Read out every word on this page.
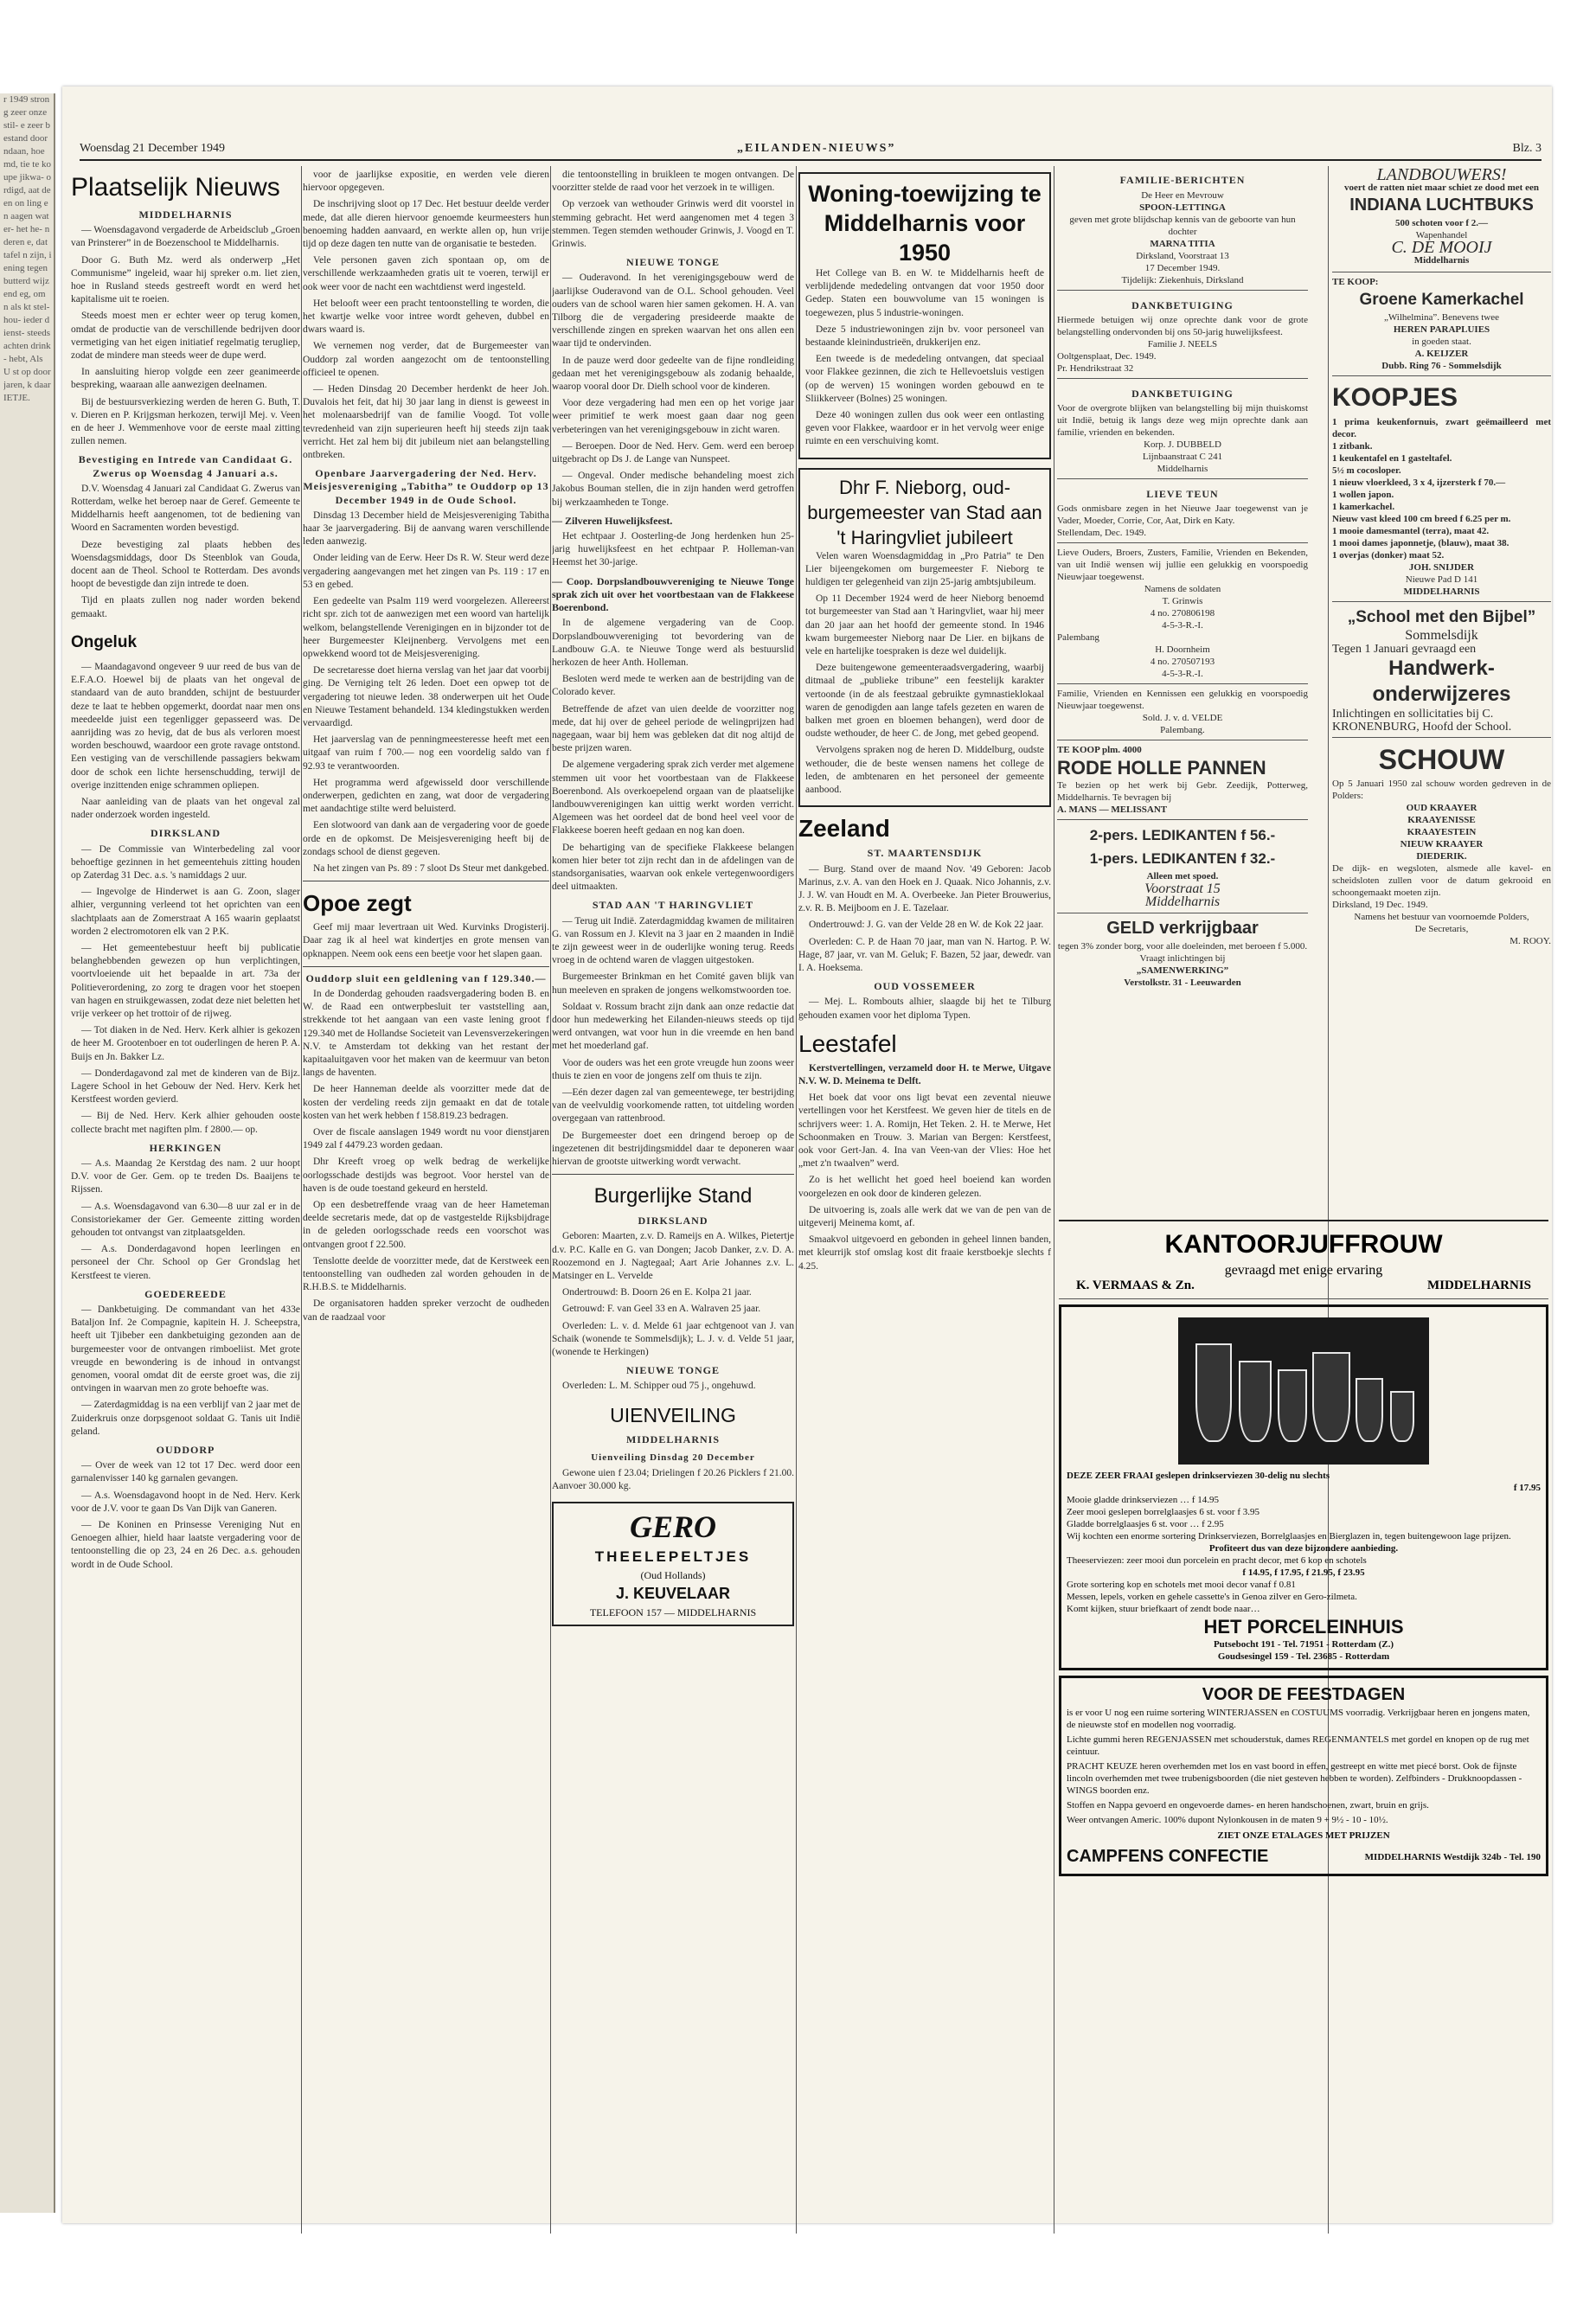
r 1949 strong zeer onze stil- e zeer bestand door ndaan, hoemd, tie te koupe jikwa- ordigd, aat de en on ling en aagen water- het he- nderen e, dat tafel n zijn, iening tegen butterd wijzend eg, om n als kt stel- hou- ieder dienst- steeds achten drink- hebt, Als U st op door jaren, k daar IETJE.
Woensdag 21 December 1949	„EILANDEN-NIEUWS”	Blz. 3
Plaatselijk Nieuws
MIDDELHARNIS

— Woensdagavond vergaderde de Arbeidsclub „Groen van Prinsterer” in de Boezenschool te Middelharnis.

Door G. Buth Mz. werd als onderwerp „Het Communisme” ingeleid, waar hij spreker o.m. liet zien, hoe in Rusland steeds gestreeft wordt en werd het kapitalisme uit te roeien.

Steeds moest men er echter weer op terug komen, omdat de productie van de verschillende bedrijven door vermetiging van het eigen initiatief regelmatig terugliep, zodat de mindere man steeds weer de dupe werd.

In aansluiting hierop volgde een zeer geanimeerde bespreking, waaraan alle aanwezigen deelnamen.

Bij de bestuursverkiezing werden de heren G. Buth, T. v. Dieren en P. Krijgsman herkozen, terwijl Mej. v. Veen en de heer J. Wemmenhove voor de eerste maal zitting zullen nemen.

Bevestiging en Intrede van Candidaat G. Zwerus op Woensdag 4 Januari a.s.

D.V. Woensdag 4 Januari zal Candidaat G. Zwerus van Rotterdam, welke het beroep naar de Geref. Gemeente te Middelharnis heeft aangenomen, tot de bediening van Woord en Sacramenten worden bevestigd.

Deze bevestiging zal plaats hebben des Woensdagsmiddags, door Ds Steenblok van Gouda, docent aan de Theol. School te Rotterdam. Des avonds hoopt de bevestigde dan zijn intrede te doen.

Tijd en plaats zullen nog nader worden bekend gemaakt.

Ongeluk

— Maandagavond ongeveer 9 uur reed de bus van de E.F.A.O. Hoewel bij de plaats van het ongeval de standaard van de auto brandden, schijnt de bestuurder deze te laat te hebben opgemerkt, doordat naar men ons meedeelde juist een tegenligger gepasseerd was. De aanrijding was zo hevig, dat de bus als verloren moest worden beschouwd, waardoor een grote ravage ontstond. Een vestiging van de verschillende passagiers bekwam door de schok een lichte hersenschudding, terwijl de overige inzittenden enige schrammen opliepen.

Naar aanleiding van de plaats van het ongeval zal nader onderzoek worden ingesteld.

DIRKSLAND

— De Commissie van Winterbedeling zal voor behoeftige gezinnen in het gemeentehuis zitting houden op Zaterdag 31 Dec. a.s. 's namiddags 2 uur.

— Ingevolge de Hinderwet is aan G. Zoon, slager alhier, vergunning verleend tot het oprichten van een slachtplaats aan de Zomerstraat A 165 waarin geplaatst worden 2 electromotoren elk van 2 P.K.

— Het gemeentebestuur heeft bij publicatie belanghebbenden gewezen op hun verplichtingen, voortvloeiende uit het bepaalde in art. 73a der Politieverordening, zo zorg te dragen voor het stoepen van hagen en struikgewassen, zodat deze niet beletten het vrije verkeer op het trottoir of de rijweg.

— Tot diaken in de Ned. Herv. Kerk alhier is gekozen de heer M. Grootenboer en tot ouderlingen de heren P. A. Buijs en Jn. Bakker Lz.

— Donderdagavond zal met de kinderen van de Bijz. Lagere School in het Gebouw der Ned. Herv. Kerk het Kerstfeest worden gevierd.

— Bij de Ned. Herv. Kerk alhier gehouden ooste collecte bracht met nagiften plm. f 2800.— op.

HERKINGEN

— A.s. Maandag 2e Kerstdag des nam. 2 uur hoopt D.V. voor de Ger. Gem. op te treden Ds. Baaijens te Rijssen.

— A.s. Woensdagavond van 6.30—8 uur zal er in de Consistoriekamer der Ger. Gemeente zitting worden gehouden tot ontvangst van zitplaatsgelden.

— A.s. Donderdagavond hopen leerlingen en personeel der Chr. School op Ger Grondslag het Kerstfeest te vieren.

GOEDEREEDE

— Dankbetuiging. De commandant van het 433e Bataljon Inf. 2e Compagnie, kapitein H. J. Scheepstra, heeft uit Tjibeber een dankbetuiging gezonden aan de burgemeester voor de ontvangen rimboeliist. Met grote vreugde en bewondering is de inhoud in ontvangst genomen, vooral omdat dit de eerste groet was, die zij ontvingen in waarvan men zo grote behoefte was.

— Zaterdagmiddag is na een verblijf van 2 jaar met de Zuiderkruis onze dorpsgenoot soldaat G. Tanis uit Indië geland.

OUDDORP

— Over de week van 12 tot 17 Dec. werd door een garnalenvisser 140 kg garnalen gevangen.

— A.s. Woensdagavond hoopt in de Ned. Herv. Kerk voor de J.V. voor te gaan Ds Van Dijk van Ganeren.

— De Koninen en Prinsesse Vereniging Nut en Genoegen alhier, hield haar laatste vergadering voor de tentoonstelling die op 23, 24 en 26 Dec. a.s. gehouden wordt in de Oude School.

voor de jaarlijkse expositie, en werden vele dieren hiervoor opgegeven.

De inschrijving sloot op 17 Dec. Het bestuur deelde verder mede, dat alle dieren hiervoor genoemde keurmeesters hun benoeming hadden aanvaard, en werkte allen op, hun vrije tijd op deze dagen ten nutte van de organisatie te besteden.

Vele personen gaven zich spontaan op, om de verschillende werkzaamheden gratis uit te voeren, terwijl er ook weer voor de nacht een wachtdienst werd ingesteld.

Het belooft weer een pracht tentoonstelling te worden, die het kwartje welke voor intree wordt geheven, dubbel en dwars waard is.

We vernemen nog verder, dat de Burgemeester van Ouddorp zal worden aangezocht om de tentoonstelling officieel te openen.

— Heden Dinsdag 20 December herdenkt de heer Joh. Duvalois het feit, dat hij 30 jaar lang in dienst is geweest in het molenaarsbedrijf van de familie Voogd. Tot volle tevredenheid van zijn superieuren heeft hij steeds zijn taak verricht. Het zal hem bij dit jubileum niet aan belangstelling ontbreken.

Openbare Jaarvergadering der Ned. Herv. Meisjesvereniging „Tabitha” te Ouddorp op 13 December 1949 in de Oude School.

Dinsdag 13 December hield de Meisjesvereniging Tabitha haar 3e jaarvergadering. Bij de aanvang waren verschillende leden aanwezig.

Onder leiding van de Eerw. Heer Ds R. W. Steur werd deze vergadering aangevangen met het zingen van Ps. 119 : 17 en 53 en gebed.

Een gedeelte van Psalm 119 werd voorgelezen. Allereerst richt spr. zich tot de aanwezigen met een woord van hartelijk welkom, belangstellende Verenigingen en in bijzonder tot de heer Burgemeester Kleijnenberg. Vervolgens met een opwekkend woord tot de Meisjesvereniging.

De secretaresse doet hierna verslag van het jaar dat voorbij ging. De Verniging telt 26 leden. Doet een opwep tot de vergadering tot nieuwe leden. 38 onderwerpen uit het Oude en Nieuwe Testament behandeld. 134 kledingstukken werden vervaardigd.

Het jaarverslag van de penningmeesteresse heeft met een uitgaaf van ruim f 700.— nog een voordelig saldo van f 92.93 te verantwoorden.

Het programma werd afgewisseld door verschillende onderwerpen, gedichten en zang, wat door de vergadering met aandachtige stilte werd beluisterd.

Een slotwoord van dank aan de vergadering voor de goede orde en de opkomst. De Meisjesvereniging heeft bij de zondags school de dienst gegeven.

Na het zingen van Ps. 89 : 7 sloot Ds Steur met dankgebed.

Opoe zegt

Geef mij maar levertraan uit Wed. Kurvinks Drogisterij. Daar zag ik al heel wat kindertjes en grote mensen van opknappen. Neem ook eens een beetje voor het slapen gaan.

Ouddorp sluit een geldlening van f 129.340.—

In de Donderdag gehouden raadsvergadering boden B. en W. de Raad een ontwerpbesluit ter vaststelling aan, strekkende tot het aangaan van een vaste lening groot f 129.340 met de Hollandse Societeit van Levensverzekeringen N.V. te Amsterdam tot dekking van het restant der kapitaaluitgaven voor het maken van de keermuur van beton langs de haventen.

De heer Hanneman deelde als voorzitter mede dat de kosten der verdeling reeds zijn gemaakt en dat de totale kosten van het werk hebben f 158.819.23 bedragen.

Over de fiscale aanslagen 1949 wordt nu voor dienstjaren 1949 zal f 4479.23 worden gedaan.

Dhr Kreeft vroeg op welk bedrag de werkelijke oorlogsschade destijds was begroot. Voor herstel van de haven is de oude toestand gekeurd en hersteld.

Op een desbetreffende vraag van de heer Hameteman deelde secretaris mede, dat op de vastgestelde Rijksbijdrage in de geleden oorlogsschade reeds een voorschot was ontvangen groot f 22.500.

Tenslotte deelde de voorzitter mede, dat de Kerstweek een tentoonstelling van oudheden zal worden gehouden in de R.H.B.S. te Middelharnis.

De organisatoren hadden spreker verzocht de oudheden van de raadzaal voor

die tentoonstelling in bruikleen te mogen ontvangen. De voorzitter stelde de raad voor het verzoek in te willigen.

Op verzoek van wethouder Grinwis werd dit voorstel in stemming gebracht. Het werd aangenomen met 4 tegen 3 stemmen. Tegen stemden wethouder Grinwis, J. Voogd en T. Grinwis.

NIEUWE TONGE

— Ouderavond. In het verenigingsgebouw werd de jaarlijkse Ouderavond van de O.L. School gehouden. Veel ouders van de school waren hier samen gekomen. H. A. van Tilborg die de vergadering presideerde maakte de verschillende zingen en spreken waarvan het ons allen een waar tijd te ondervinden.

In de pauze werd door gedeelte van de fijne rondleiding gedaan met het verenigingsgebouw als zodanig behaalde, waarop vooral door Dr. Dielh school voor de kinderen.

Voor deze vergadering had men een op het vorige jaar weer primitief te werk moest gaan daar nog geen verbeteringen van het verenigingsgebouw in zicht waren.

— Beroepen. Door de Ned. Herv. Gem. werd een beroep uitgebracht op Ds J. de Lange van Nunspeet.

— Ongeval. Onder medische behandeling moest zich Jakobus Bouman stellen, die in zijn handen werd getroffen bij werkzaamheden te Tonge.

— Zilveren Huwelijksfeest.

Het echtpaar J. Oosterling-de Jong herdenken hun 25-jarig huwelijksfeest en het echtpaar P. Holleman-van Heemst het 30-jarige.

— Coop. Dorpslandbouwvereniging te Nieuwe Tonge sprak zich uit over het voortbestaan van de Flakkeese Boerenbond.

In de algemene vergadering van de Coop. Dorpslandbouwvereniging tot bevordering van de Landbouw G.A. te Nieuwe Tonge werd als bestuurslid herkozen de heer Anth. Holleman.

Besloten werd mede te werken aan de bestrijding van de Colorado kever.

Betreffende de afzet van uien deelde de voorzitter nog mede, dat hij over de geheel periode de welingprijzen had nagegaan, waar bij hem was gebleken dat dit nog altijd de beste prijzen waren.

De algemene vergadering sprak zich verder met algemene stemmen uit voor het voortbestaan van de Flakkeese Boerenbond. Als overkoepelend orgaan van de plaatselijke landbouwverenigingen kan uittig werkt worden verricht. Algemeen was het oordeel dat de bond heel veel voor de Flakkeese boeren heeft gedaan en nog kan doen.

De behartiging van de specifieke Flakkeese belangen komen hier beter tot zijn recht dan in de afdelingen van de standsorganisaties, waarvan ook enkele vertegenwoordigers deel uitmaakten.

STAD AAN 'T HARINGVLIET

— Terug uit Indië. Zaterdagmiddag kwamen de militairen G. van Rossum en J. Klevit na 3 jaar en 2 maanden in Indië te zijn geweest weer in de ouderlijke woning terug. Reeds vroeg in de ochtend waren de vlaggen uitgestoken.

Burgemeester Brinkman en het Comité gaven blijk van hun meeleven en spraken de jongens welkomstwoorden toe.

Soldaat v. Rossum bracht zijn dank aan onze redactie dat door hun medewerking het Eilanden-nieuws steeds op tijd werd ontvangen, wat voor hun in die vreemde en hen band met het moederland gaf.

Voor de ouders was het een grote vreugde hun zoons weer thuis te zien en voor de jongens zelf om thuis te zijn.

—Eén dezer dagen zal van gemeentewege, ter bestrijding van de veelvuldig voorkomende ratten, tot uitdeling worden overgegaan van rattenbrood.

De Burgemeester doet een dringend beroep op de ingezetenen dit bestrijdingsmiddel daar te deponeren waar hiervan de grootste uitwerking wordt verwacht.

Burgerlijke Stand
DIRKSLAND

Geboren: Maarten, z.v. D. Rameijs en A. Wilkes, Pietertje d.v. P.C. Kalle en G. van Dongen; Jacob Danker, z.v. D. A. Roozemond en J. Nagtegaal; Aart Arie Johannes z.v. L. Matsinger en L. Vervelde

Ondertrouwd: B. Doorn 26 en E. Kolpa 21 jaar.

Getrouwd: F. van Geel 33 en A. Walraven 25 jaar.

Overleden: L. v. d. Melde 61 jaar echtgenoot van J. van Schaik (wonende te Sommelsdijk); L. J. v. d. Velde 51 jaar, (wonende te Herkingen)

NIEUWE TONGE

Overleden: L. M. Schipper oud 75 j., ongehuwd.

UIENVEILING
MIDDELHARNIS
Uienveiling Dinsdag 20 December

Gewone uien f 23.04; Drielingen f 20.26 Picklers f 21.00. Aanvoer 30.000 kg.

GERO
THEELEPELTJES
(Oud Hollands)
J. KEUVELAAR
TELEFOON 157 — MIDDELHARNIS
Woning-toewijzing te Middelharnis voor 1950

Het College van B. en W. te Middelharnis heeft de verblijdende mededeling ontvangen dat voor 1950 door Gedep. Staten een bouwvolume van 15 woningen is toegewezen, plus 5 industrie-woningen.

Deze 5 industriewoningen zijn bv. voor personeel van bestaande kleinindustrieën, drukkerijen enz.

Een tweede is de mededeling ontvangen, dat speciaal voor Flakkee gezinnen, die zich te Hellevoetsluis vestigen (op de werven) 15 woningen worden gebouwd en te Sliikkerveer (Bolnes) 25 woningen.

Deze 40 woningen zullen dus ook weer een ontlasting geven voor Flakkee, waardoor er in het vervolg weer enige ruimte en een verschuiving komt.

Dhr F. Nieborg, oud-burgemeester van Stad aan 't Haringvliet jubileert

Velen waren Woensdagmiddag in „Pro Patria” te Den Lier bijeengekomen om burgemeester F. Nieborg te huldigen ter gelegenheid van zijn 25-jarig ambtsjubileum.

Op 11 December 1924 werd de heer Nieborg benoemd tot burgemeester van Stad aan 't Haringvliet, waar hij meer dan 20 jaar aan het hoofd der gemeente stond. In 1946 kwam burgemeester Nieborg naar De Lier. en bijkans de vele en hartelijke toespraken is deze wel duidelijk.

Deze buitengewone gemeenteraadsvergadering, waarbij ditmaal de „publieke tribune” een feestelijk karakter vertoonde (in de als feestzaal gebruikte gymnastieklokaal waren de genodigden aan lange tafels gezeten en waren de balken met groen en bloemen behangen), werd door de oudste wethouder, de heer C. de Jong, met gebed geopend.

Vervolgens spraken nog de heren D. Middelburg, oudste wethouder, die de beste wensen namens het college de leden, de ambtenaren en het personeel der gemeente aanbood.

Zeeland
ST. MAARTENSDIJK

— Burg. Stand over de maand Nov. '49 Geboren: Jacob Marinus, z.v. A. van den Hoek en J. Quaak. Nico Johannis, z.v. J. J. W. van Houdt en M. A. Overbeeke. Jan Pieter Brouwerius, z.v. R. B. Meijboom en J. E. Tazelaar.

Ondertrouwd: J. G. van der Velde 28 en W. de Kok 22 jaar.

Overleden: C. P. de Haan 70 jaar, man van N. Hartog. P. W. Hage, 87 jaar, vr. van M. Geluk; F. Bazen, 52 jaar, dewedr. van I. A. Hoeksema.

OUD VOSSEMEER

— Mej. L. Rombouts alhier, slaagde bij het te Tilburg gehouden examen voor het diploma Typen.

Leestafel

Kerstvertellingen, verzameld door H. te Merwe, Uitgave N.V. W. D. Meinema te Delft.

Het boek dat voor ons ligt bevat een zevental nieuwe vertellingen voor het Kerstfeest. We geven hier de titels en de schrijvers weer: 1. A. Romijn, Het Teken. 2. H. te Merwe, Het Schoonmaken en Trouw. 3. Marian van Bergen: Kerstfeest, ook voor Gert-Jan. 4. Ina van Veen-van der Vlies: Hoe het „met z'n twaalven” werd.

Zo is het wellicht het goed heel boeiend kan worden voorgelezen en ook door de kinderen gelezen.

De uitvoering is, zoals alle werk dat we van de pen van de uitgeverij Meinema komt, af.

Smaakvol uitgevoerd en gebonden in geheel linnen banden, met kleurrijk stof omslag kost dit fraaie kerstboekje slechts f 4.25.

FAMILIE-BERICHTEN
De Heer en Mevrouw
SPOON-LETTINGA
geven met grote blijdschap kennis van de geboorte van hun dochter
MARNA TITIA
Dirksland, Voorstraat 13
17 December 1949.
Tijdelijk: Ziekenhuis, Dirksland
DANKBETUIGING
Hiermede betuigen wij onze oprechte dank voor de grote belangstelling ondervonden bij ons 50-jarig huwelijksfeest.
Familie J. NEELS
Ooltgensplaat, Dec. 1949.
Pr. Hendrikstraat 32
DANKBETUIGING
Voor de overgrote blijken van belangstelling bij mijn thuiskomst uit Indië, betuig ik langs deze weg mijn oprechte dank aan familie, vrienden en bekenden.
Korp. J. DUBBELD
Lijnbaanstraat C 241
Middelharnis
LIEVE TEUN
Gods onmisbare zegen in het Nieuwe Jaar toegewenst van je Vader, Moeder, Corrie, Cor, Aat, Dirk en Katy.
Stellendam, Dec. 1949.
Lieve Ouders, Broers, Zusters, Familie, Vrienden en Bekenden, van uit Indië wensen wij jullie een gelukkig en voorspoedig Nieuwjaar toegewenst.
Namens de soldaten
T. Grinwis
4 no. 270806198
4-5-3-R.-I.
Palembang
H. Doornheim
4 no. 270507193
4-5-3-R.-I.
Familie, Vrienden en Kennissen een gelukkig en voorspoedig Nieuwjaar toegewenst.
Sold. J. v. d. VELDE
Palembang.
TE KOOP plm. 4000
RODE HOLLE PANNEN
Te bezien op het werk bij Gebr. Zeedijk, Potterweg, Middelharnis. Te bevragen bij
A. MANS — MELISSANT
2-pers. LEDIKANTEN f 56.-
1-pers. LEDIKANTEN f 32.-
Alleen met spoed.
Voorstraat 15
Middelharnis
GELD verkrijgbaar
tegen 3% zonder borg, voor alle doeleinden, met beroeen f 5.000. Vraagt inlichtingen bij
„SAMENWERKING”
Verstolkstr. 31 - Leeuwarden
LANDBOUWERS!
voert de ratten niet maar schiet ze dood met een
INDIANA LUCHTBUKS
500 schoten voor f 2.—
Wapenhandel
C. DE MOOIJ
Middelharnis
TE KOOP:
Groene Kamerkachel
„Wilhelmina”. Benevens twee
HEREN PARAPLUIES
in goeden staat.
A. KEIJZER
Dubb. Ring 76 - Sommelsdijk
KOOPJES
1 prima keukenfornuis, zwart geëmailleerd met decor.
1 zitbank.
1 keukentafel en 1 gasteltafel.
5½ m cocosloper.
1 nieuw vloerkleed, 3 x 4, ijzersterk f 70.—
1 wollen japon.
1 kamerkachel.
Nieuw vast kleed 100 cm breed f 6.25 per m.
1 mooie damesmantel (terra), maat 42.
1 mooi dames japonnetje, (blauw), maat 38.
1 overjas (donker) maat 52.
JOH. SNIJDER
Nieuwe Pad D 141
MIDDELHARNIS
„School met den Bijbel”
Sommelsdijk
Tegen 1 Januari gevraagd een
Handwerk-onderwijzeres
Inlichtingen en sollicitaties bij C. KRONENBURG, Hoofd der School.
SCHOUW
Op 5 Januari 1950 zal schouw worden gedreven in de Polders:
OUD KRAAYER
KRAAYENISSE
KRAAYESTEIN
NIEUW KRAAYER
DIEDERIK.
De dijk- en wegsloten, alsmede alle kavel- en scheidsloten zullen voor de datum gekrooid en schoongemaakt moeten zijn.
Dirksland, 19 Dec. 1949.
Namens het bestuur van voornoemde Polders,
De Secretaris,
M. ROOY.
KANTOORJUFFROUW
gevraagd met enige ervaring
K. VERMAAS & Zn.	MIDDELHARNIS
DEZE ZEER FRAAI geslepen drinkserviezen 30-delig nu slechts
f 17.95
Mooie gladde drinkserviezen … f 14.95
Zeer mooi geslepen borrelglaasjes 6 st. voor f 3.95
Gladde borrelglaasjes 6 st. voor … f 2.95
Wij kochten een enorme sortering Drinkserviezen, Borrelglaasjes en Bierglazen in, tegen buitengewoon lage prijzen.
Profiteert dus van deze bijzondere aanbieding.
Theeserviezen: zeer mooi dun porcelein en pracht decor, met 6 kop en schotels
f 14.95, f 17.95, f 21.95, f 23.95
Grote sortering kop en schotels met mooi decor vanaf f 0.81
Messen, lepels, vorken en gehele cassette's in Genoa zilver en Gero-zilmeta.
Komt kijken, stuur briefkaart of zendt bode naar…
HET PORCELEINHUIS
Putsebocht 191 - Tel. 71951 - Rotterdam (Z.)
Goudsesingel 159 - Tel. 23685 - Rotterdam
VOOR DE FEESTDAGEN
is er voor U nog een ruime sortering WINTERJASSEN en COSTUUMS voorradig. Verkrijgbaar heren en jongens maten, de nieuwste stof en modellen nog voorradig.
Lichte gummi heren REGENJASSEN met schouderstuk, dames REGENMANTELS met gordel en knopen op de rug met ceintuur.
PRACHT KEUZE heren overhemden met los en vast boord in effen, gestreept en witte met piecé borst. Ook de fijnste lincoln overhemden met twee trubenigsboorden (die niet gesteven hebben te worden). Zelfbinders - Drukknoopdassen - WINGS boorden enz.
Stoffen en Nappa gevoerd en ongevoerde dames- en heren handschoenen, zwart, bruin en grijs.
Weer ontvangen Americ. 100% dupont Nylonkousen in de maten 9 + 9½ - 10 - 10½.
ZIET ONZE ETALAGES MET PRIJZEN
CAMPFENS CONFECTIE	MIDDELHARNIS Westdijk 324b - Tel. 190
